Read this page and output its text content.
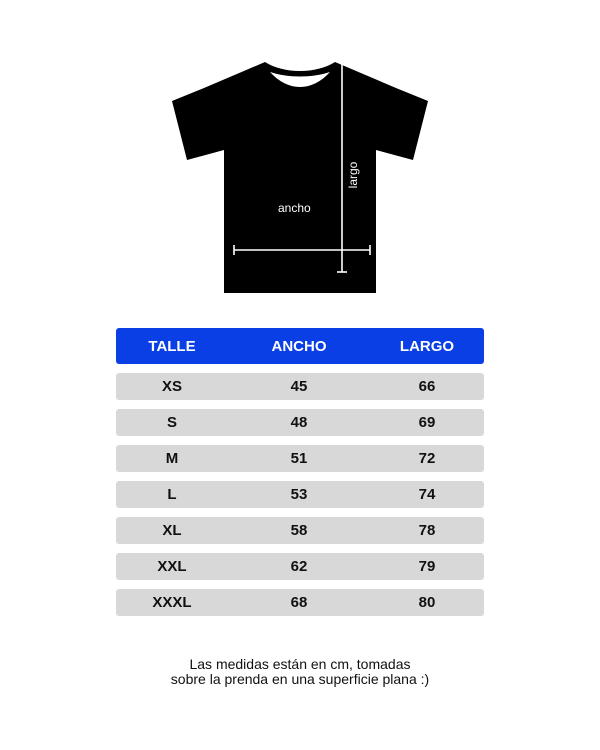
ancho
largo
TALLE	ANCHO	LARGO
XS	45	66
S	48	69
M	51	72
L	53	74
XL	58	78
XXL	62	79
XXXL	68	80
Las medidas están en cm, tomadas
sobre la prenda en una superficie plana :)
